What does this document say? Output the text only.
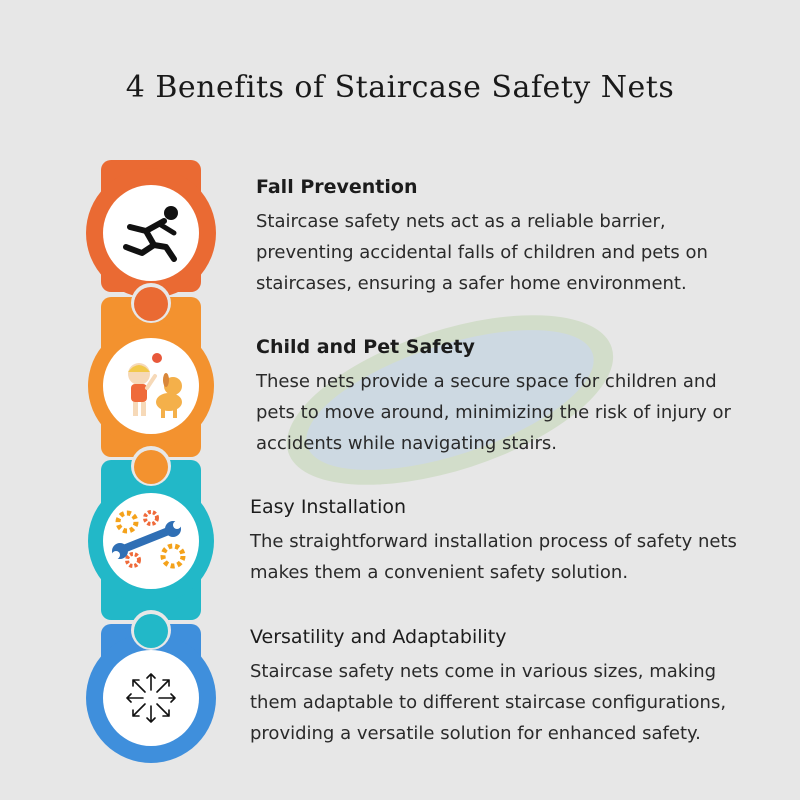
4 Benefits of Staircase Safety Nets
Fall Prevention

Staircase safety nets act as a reliable barrier,
preventing accidental falls of children and pets on
staircases, ensuring a safer home environment.

Child and Pet Safety

These nets provide a secure space for children and
pets to move around, minimizing the risk of injury or
accidents while navigating stairs.

Easy Installation

The straightforward installation process of safety nets
makes them a convenient safety solution.

Versatility and Adaptability

Staircase safety nets come in various sizes, making
them adaptable to different staircase configurations,
providing a versatile solution for enhanced safety.
